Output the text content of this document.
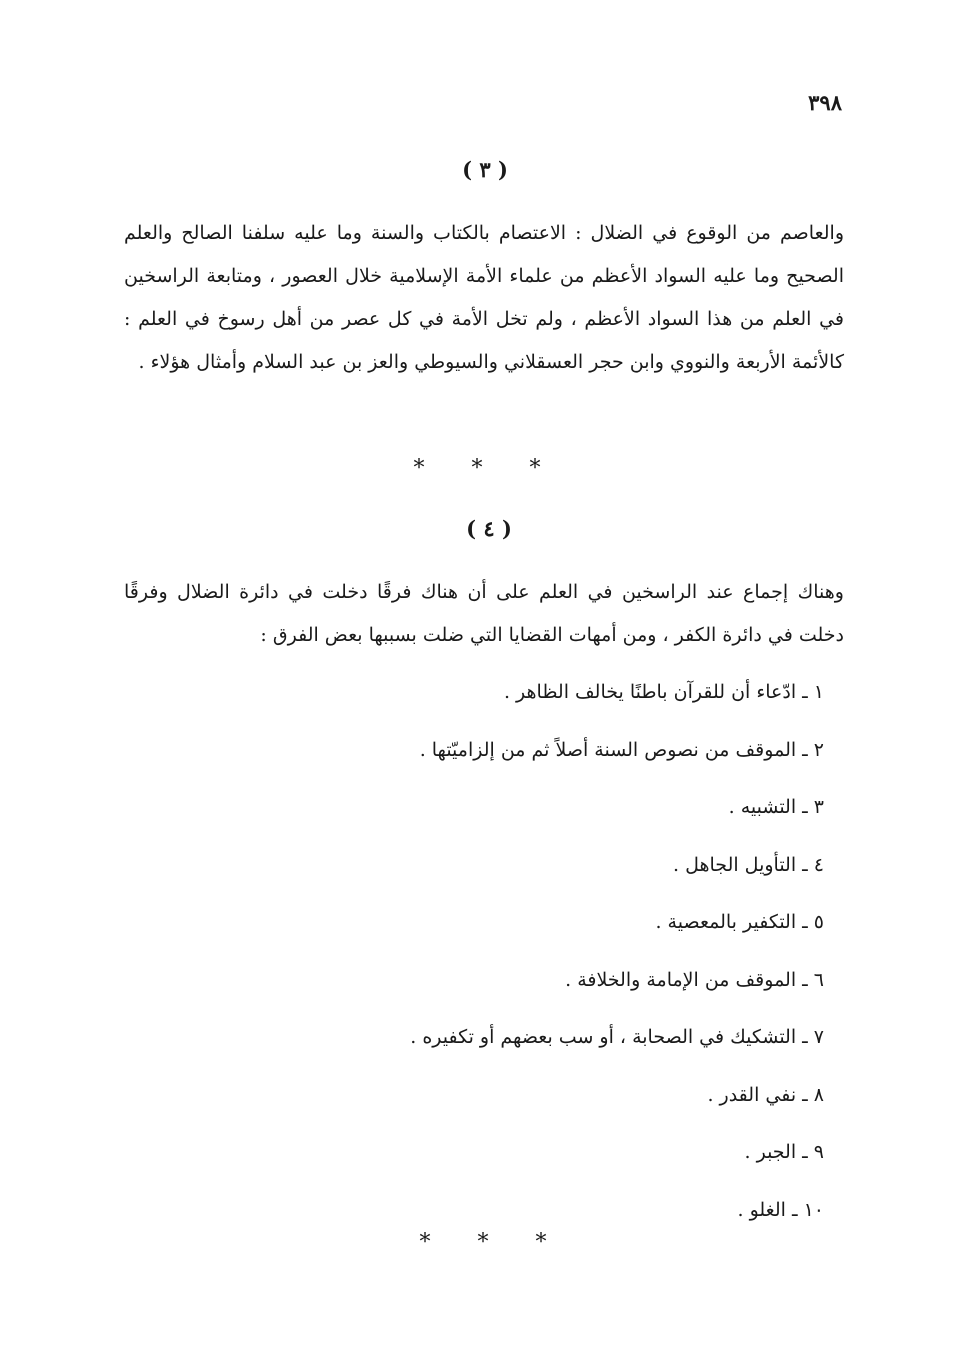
٣٩٨
( ٣ )

والعاصم من الوقوع في الضلال : الاعتصام بالكتاب والسنة وما عليه سلفنا الصالح والعلم الصحيح وما عليه السواد الأعظم من علماء الأمة الإسلامية خلال العصور ، ومتابعة الراسخين في العلم من هذا السواد الأعظم ، ولم تخل الأمة في كل عصر من أهل رسوخ في العلم : كالأئمة الأربعة والنووي وابن حجر العسقلاني والسيوطي والعز بن عبد السلام وأمثال هؤلاء .

* * *
( ٤ )

وهناك إجماع عند الراسخين في العلم على أن هناك فرقًا دخلت في دائرة الضلال وفرقًا دخلت في دائرة الكفر ، ومن أمهات القضايا التي ضلت بسببها بعض الفرق :

١ ـ ادّعاء أن للقرآن باطنًا يخالف الظاهر .
٢ ـ الموقف من نصوص السنة أصلاً ثم من إلزاميّتها .
٣ ـ التشبيه .
٤ ـ التأويل الجاهل .
٥ ـ التكفير بالمعصية .
٦ ـ الموقف من الإمامة والخلافة .
٧ ـ التشكيك في الصحابة ، أو سب بعضهم أو تكفيره .
٨ ـ نفي القدر .
٩ ـ الجبر .
١٠ ـ الغلو .
* * *
